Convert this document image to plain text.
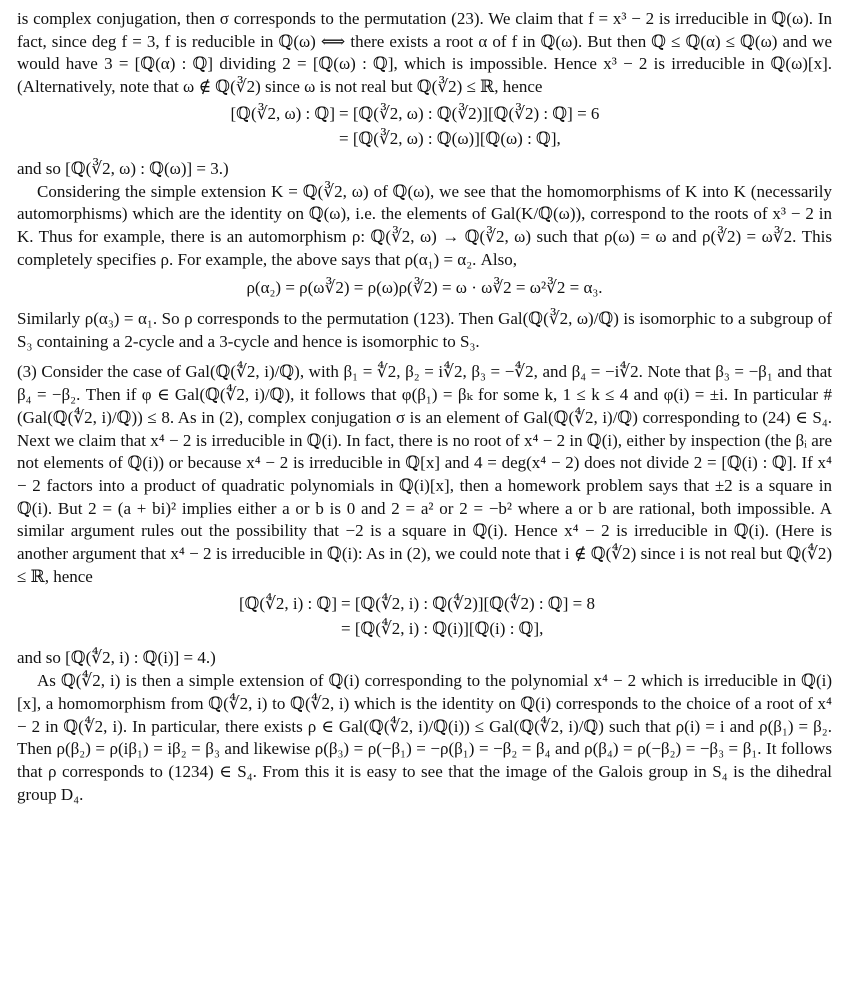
is complex conjugation, then σ corresponds to the permutation (23). We claim that f = x³ − 2 is irreducible in ℚ(ω). In fact, since deg f = 3, f is reducible in ℚ(ω) ⟺ there exists a root α of f in ℚ(ω). But then ℚ ≤ ℚ(α) ≤ ℚ(ω) and we would have 3 = [ℚ(α) : ℚ] dividing 2 = [ℚ(ω) : ℚ], which is impossible. Hence x³ − 2 is irreducible in ℚ(ω)[x]. (Alternatively, note that ω ∉ ℚ(∛2) since ω is not real but ℚ(∛2) ≤ ℝ, hence

[ℚ(∛2, ω) : ℚ] = [ℚ(∛2, ω) : ℚ(∛2)][ℚ(∛2) : ℚ] = 6
= [ℚ(∛2, ω) : ℚ(ω)][ℚ(ω) : ℚ],

and so [ℚ(∛2, ω) : ℚ(ω)] = 3.)

Considering the simple extension K = ℚ(∛2, ω) of ℚ(ω), we see that the homomorphisms of K into K (necessarily automorphisms) which are the identity on ℚ(ω), i.e. the elements of Gal(K/ℚ(ω)), correspond to the roots of x³ − 2 in K. Thus for example, there is an automorphism ρ: ℚ(∛2, ω) → ℚ(∛2, ω) such that ρ(ω) = ω and ρ(∛2) = ω∛2. This completely specifies ρ. For example, the above says that ρ(α₁) = α₂. Also,

ρ(α₂) = ρ(ω∛2) = ρ(ω)ρ(∛2) = ω · ω∛2 = ω²∛2 = α₃.

Similarly ρ(α₃) = α₁. So ρ corresponds to the permutation (123). Then Gal(ℚ(∛2, ω)/ℚ) is isomorphic to a subgroup of S₃ containing a 2-cycle and a 3-cycle and hence is isomorphic to S₃.

(3) Consider the case of Gal(ℚ(∜2, i)/ℚ), with β₁ = ∜2, β₂ = i∜2, β₃ = −∜2, and β₄ = −i∜2. Note that β₃ = −β₁ and that β₄ = −β₂. Then if φ ∈ Gal(ℚ(∜2, i)/ℚ), it follows that φ(β₁) = βₖ for some k, 1 ≤ k ≤ 4 and φ(i) = ±i. In particular #(Gal(ℚ(∜2, i)/ℚ)) ≤ 8. As in (2), complex conjugation σ is an element of Gal(ℚ(∜2, i)/ℚ) corresponding to (24) ∈ S₄. Next we claim that x⁴ − 2 is irreducible in ℚ(i). In fact, there is no root of x⁴ − 2 in ℚ(i), either by inspection (the βᵢ are not elements of ℚ(i)) or because x⁴ − 2 is irreducible in ℚ[x] and 4 = deg(x⁴ − 2) does not divide 2 = [ℚ(i) : ℚ]. If x⁴ − 2 factors into a product of quadratic polynomials in ℚ(i)[x], then a homework problem says that ±2 is a square in ℚ(i). But 2 = (a + bi)² implies either a or b is 0 and 2 = a² or 2 = −b² where a or b are rational, both impossible. A similar argument rules out the possibility that −2 is a square in ℚ(i). Hence x⁴ − 2 is irreducible in ℚ(i). (Here is another argument that x⁴ − 2 is irreducible in ℚ(i): As in (2), we could note that i ∉ ℚ(∜2) since i is not real but ℚ(∜2) ≤ ℝ, hence

[ℚ(∜2, i) : ℚ] = [ℚ(∜2, i) : ℚ(∜2)][ℚ(∜2) : ℚ] = 8
= [ℚ(∜2, i) : ℚ(i)][ℚ(i) : ℚ],

and so [ℚ(∜2, i) : ℚ(i)] = 4.)

As ℚ(∜2, i) is then a simple extension of ℚ(i) corresponding to the polynomial x⁴ − 2 which is irreducible in ℚ(i)[x], a homomorphism from ℚ(∜2, i) to ℚ(∜2, i) which is the identity on ℚ(i) corresponds to the choice of a root of x⁴ − 2 in ℚ(∜2, i). In particular, there exists ρ ∈ Gal(ℚ(∜2, i)/ℚ(i)) ≤ Gal(ℚ(∜2, i)/ℚ) such that ρ(i) = i and ρ(β₁) = β₂. Then ρ(β₂) = ρ(iβ₁) = iβ₂ = β₃ and likewise ρ(β₃) = ρ(−β₁) = −ρ(β₁) = −β₂ = β₄ and ρ(β₄) = ρ(−β₂) = −β₃ = β₁. It follows that ρ corresponds to (1234) ∈ S₄. From this it is easy to see that the image of the Galois group in S₄ is the dihedral group D₄.
